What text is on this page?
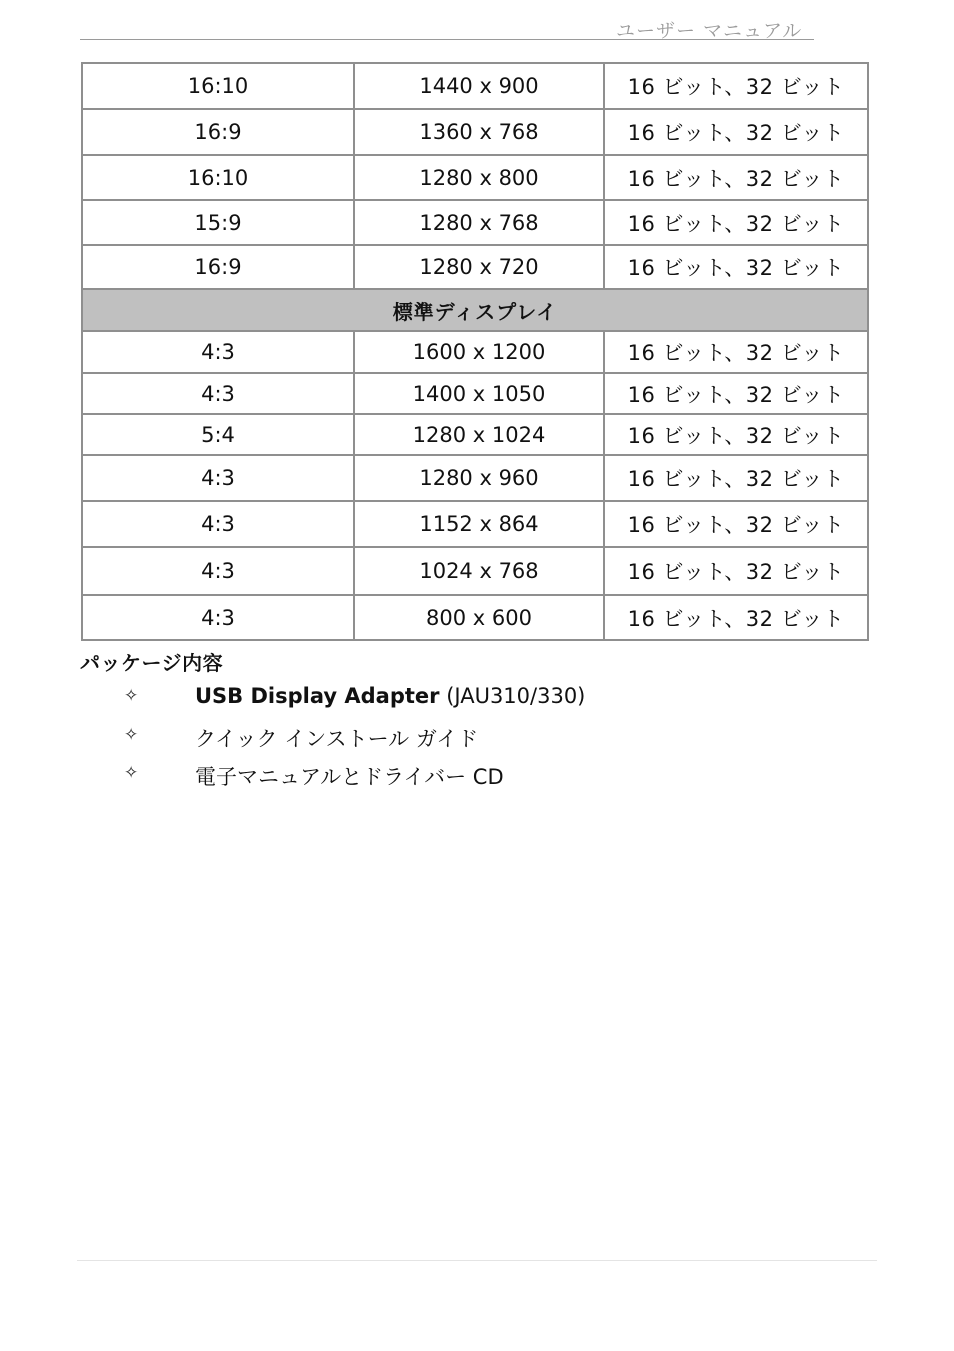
ユーザー マニュアル
16:10	1440 x 900	16 ビット、32 ビット
16:9	1360 x 768	16 ビット、32 ビット
16:10	1280 x 800	16 ビット、32 ビット
15:9	1280 x 768	16 ビット、32 ビット
16:9	1280 x 720	16 ビット、32 ビット
標準ディスプレイ		
4:3	1600 x 1200	16 ビット、32 ビット
4:3	1400 x 1050	16 ビット、32 ビット
5:4	1280 x 1024	16 ビット、32 ビット
4:3	1280 x 960	16 ビット、32 ビット
4:3	1152 x 864	16 ビット、32 ビット
4:3	1024 x 768	16 ビット、32 ビット
4:3	800 x 600	16 ビット、32 ビット
パッケージ内容
✧	USB Display Adapter (JAU310/330)
✧	クイック インストール ガイド
✧	電子マニュアルとドライバー CD
